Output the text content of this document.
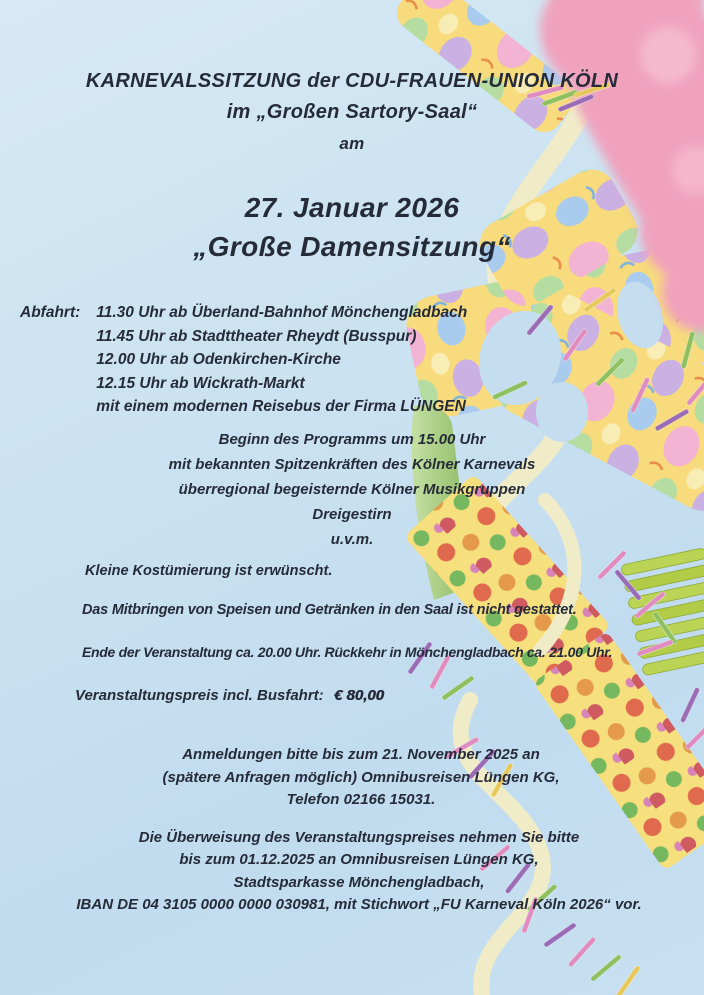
KARNEVALSSITZUNG der CDU-FRAUEN-UNION KÖLN
im „Großen Sartory-Saal“
am
27. Januar 2026
„Große Damensitzung“
Abfahrt: 11.30 Uhr ab Überland-Bahnhof Mönchengladbach
11.45 Uhr ab Stadttheater Rheydt (Busspur)
12.00 Uhr ab Odenkirchen-Kirche
12.15 Uhr ab Wickrath-Markt
mit einem modernen Reisebus der Firma LÜNGEN
Beginn des Programms um 15.00 Uhr
mit bekannten Spitzenkräften des Kölner Karnevals
überregional begeisternde Kölner Musikgruppen
Dreigestirn
u.v.m.
Kleine Kostümierung ist erwünscht.
Das Mitbringen von Speisen und Getränken in den Saal ist nicht gestattet.
Ende der Veranstaltung ca. 20.00 Uhr. Rückkehr in Mönchengladbach ca. 21.00 Uhr.
Veranstaltungspreis incl. Busfahrt: € 80,00
Anmeldungen bitte bis zum 21. November 2025 an
(spätere Anfragen möglich) Omnibusreisen Lüngen KG,
Telefon 02166 15031.
Die Überweisung des Veranstaltungspreises nehmen Sie bitte
bis zum 01.12.2025 an Omnibusreisen Lüngen KG,
Stadtsparkasse Mönchengladbach,
IBAN DE 04 3105 0000 0000 030981, mit Stichwort „FU Karneval Köln 2026“ vor.
